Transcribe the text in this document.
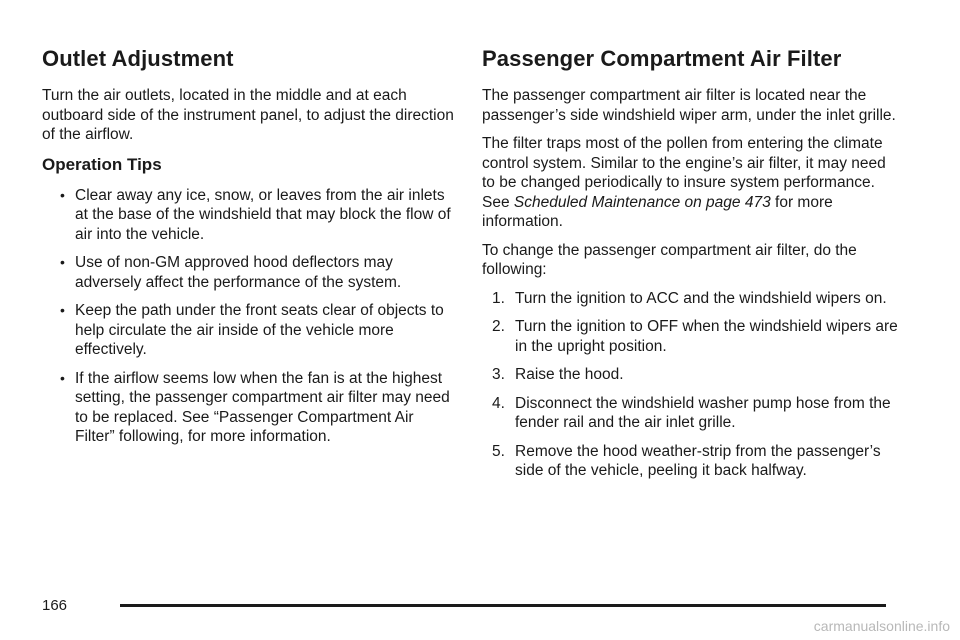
Outlet Adjustment

Turn the air outlets, located in the middle and at each outboard side of the instrument panel, to adjust the direction of the airflow.

Operation Tips
• Clear away any ice, snow, or leaves from the air inlets at the base of the windshield that may block the flow of air into the vehicle.
• Use of non-GM approved hood deflectors may adversely affect the performance of the system.
• Keep the path under the front seats clear of objects to help circulate the air inside of the vehicle more effectively.
• If the airflow seems low when the fan is at the highest setting, the passenger compartment air filter may need to be replaced. See “Passenger Compartment Air Filter” following, for more information.
Passenger Compartment Air Filter

The passenger compartment air filter is located near the passenger’s side windshield wiper arm, under the inlet grille.

The filter traps most of the pollen from entering the climate control system. Similar to the engine’s air filter, it may need to be changed periodically to insure system performance. See Scheduled Maintenance on page 473 for more information.

To change the passenger compartment air filter, do the following:

1. Turn the ignition to ACC and the windshield wipers on.
2. Turn the ignition to OFF when the windshield wipers are in the upright position.
3. Raise the hood.
4. Disconnect the windshield washer pump hose from the fender rail and the air inlet grille.
5. Remove the hood weather-strip from the passenger’s side of the vehicle, peeling it back halfway.
166
carmanualsonline.info
